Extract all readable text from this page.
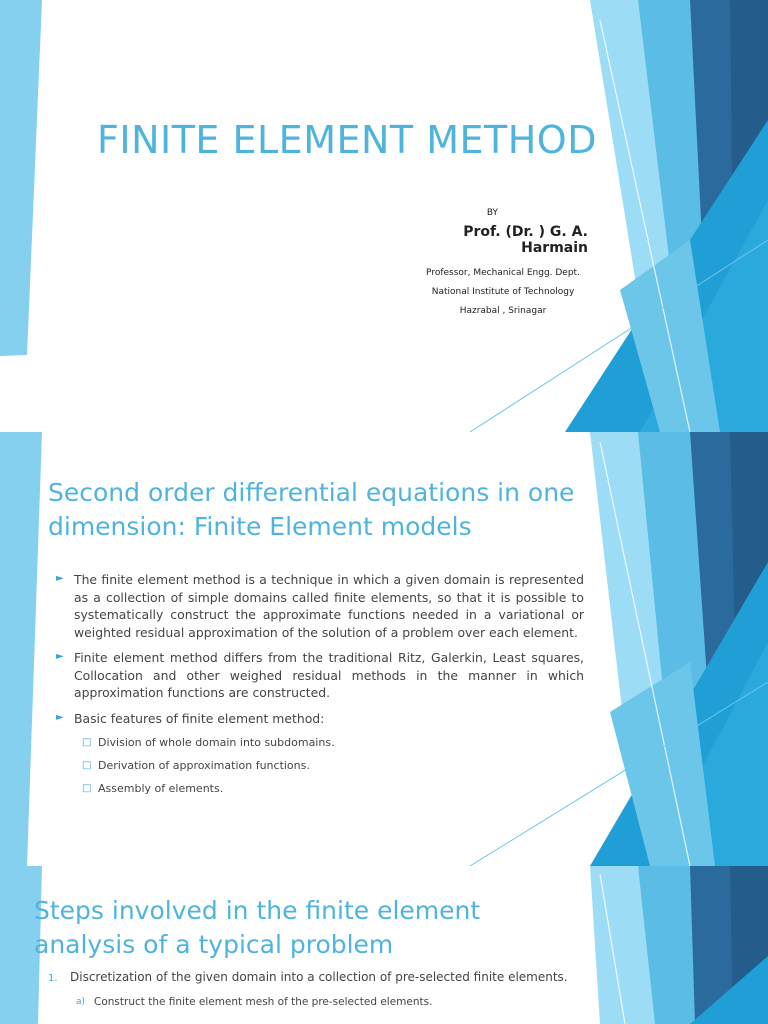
FINITE ELEMENT METHOD
BY
Prof. (Dr. ) G. A. Harmain
Professor, Mechanical Engg. Dept.
National Institute of Technology
Hazrabal , Srinagar
Second order differential equations in one
dimension: Finite Element models
► The finite element method is a technique in which a given domain is represented as a collection of simple domains called finite elements, so that it is possible to systematically construct the approximate functions needed in a variational or weighted residual approximation of the solution of a problem over each element.
► Finite element method differs from the traditional Ritz, Galerkin, Least squares, Collocation and other weighed residual methods in the manner in which approximation functions are constructed.
► Basic features of finite element method:
□ Division of whole domain into subdomains.
□ Derivation of approximation functions.
□ Assembly of elements.
Steps involved in the finite element
analysis of a typical problem
1.	Discretization of the given domain into a collection of pre-selected finite elements.
a) Construct the finite element mesh of the pre-selected elements.
